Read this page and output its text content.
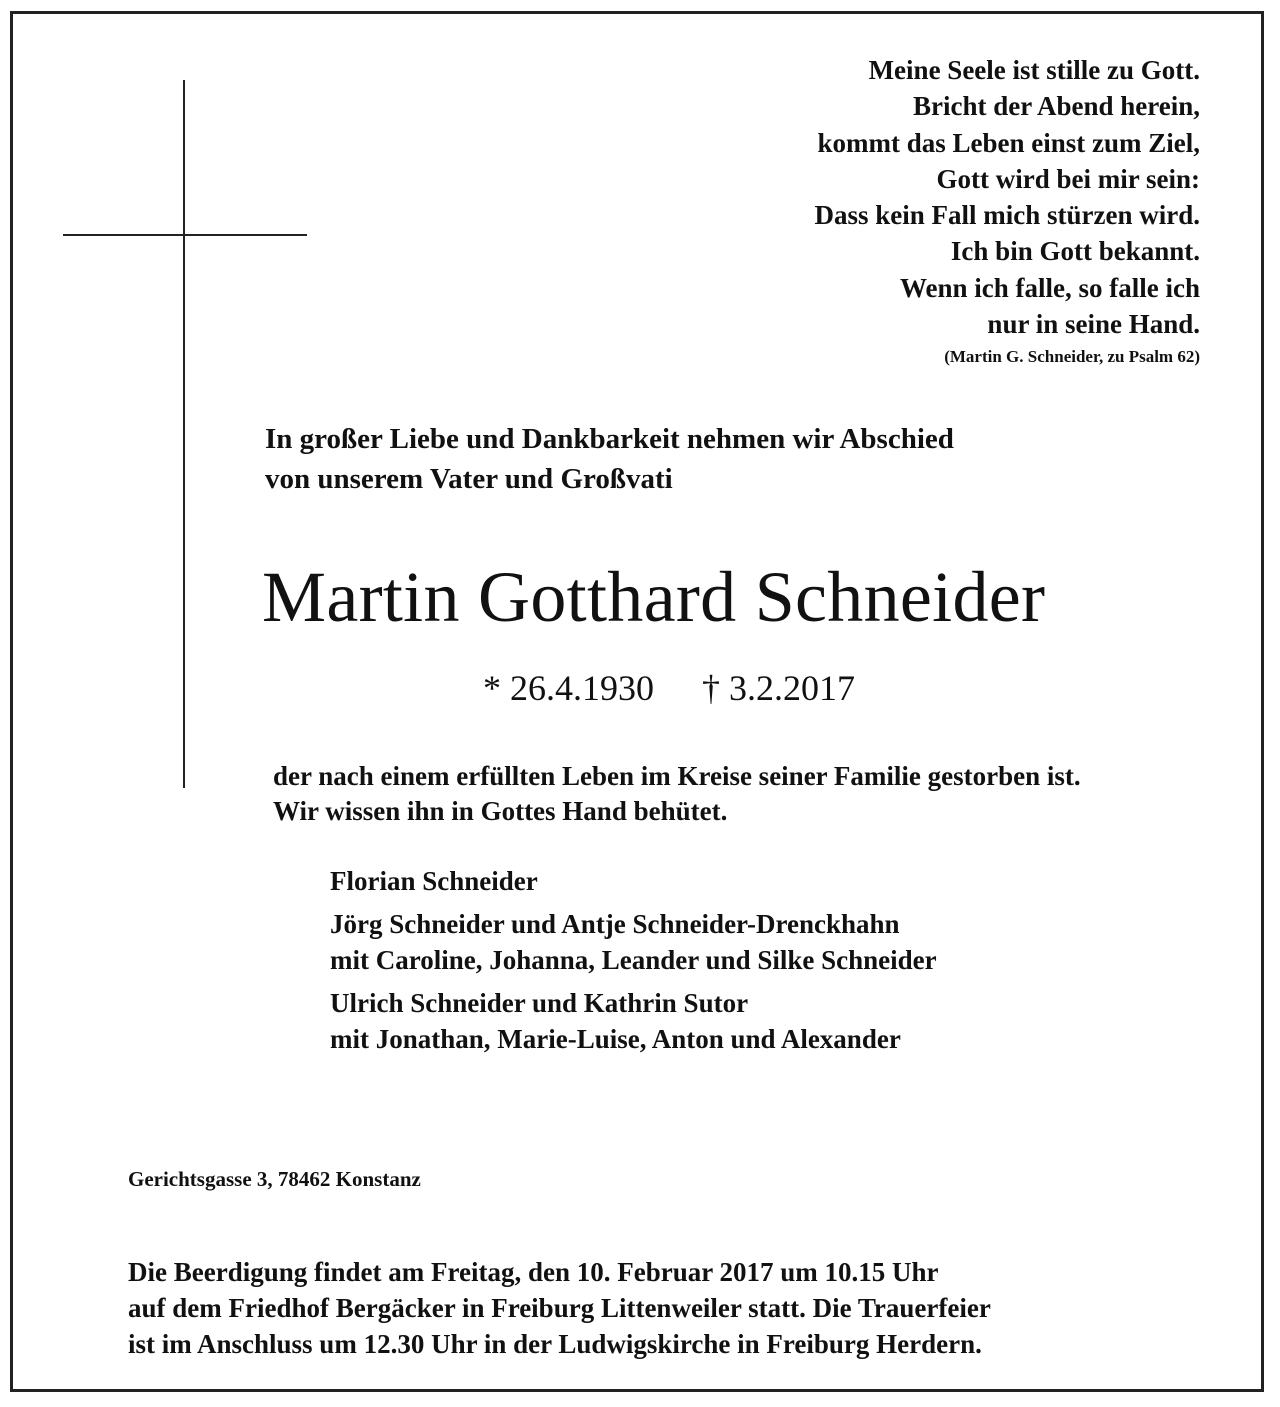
Meine Seele ist stille zu Gott.
Bricht der Abend herein,
kommt das Leben einst zum Ziel,
Gott wird bei mir sein:
Dass kein Fall mich stürzen wird.
Ich bin Gott bekannt.
Wenn ich falle, so falle ich
nur in seine Hand.
(Martin G. Schneider, zu Psalm 62)
In großer Liebe und Dankbarkeit nehmen wir Abschied
von unserem Vater und Großvati
Martin Gotthard Schneider
* 26.4.1930 † 3.2.2017
der nach einem erfüllten Leben im Kreise seiner Familie gestorben ist.
Wir wissen ihn in Gottes Hand behütet.
Florian Schneider
Jörg Schneider und Antje Schneider-Drenckhahn
mit Caroline, Johanna, Leander und Silke Schneider
Ulrich Schneider und Kathrin Sutor
mit Jonathan, Marie-Luise, Anton und Alexander
Gerichtsgasse 3, 78462 Konstanz
Die Beerdigung findet am Freitag, den 10. Februar 2017 um 10.15 Uhr
auf dem Friedhof Bergäcker in Freiburg Littenweiler statt. Die Trauerfeier
ist im Anschluss um 12.30 Uhr in der Ludwigskirche in Freiburg Herdern.
